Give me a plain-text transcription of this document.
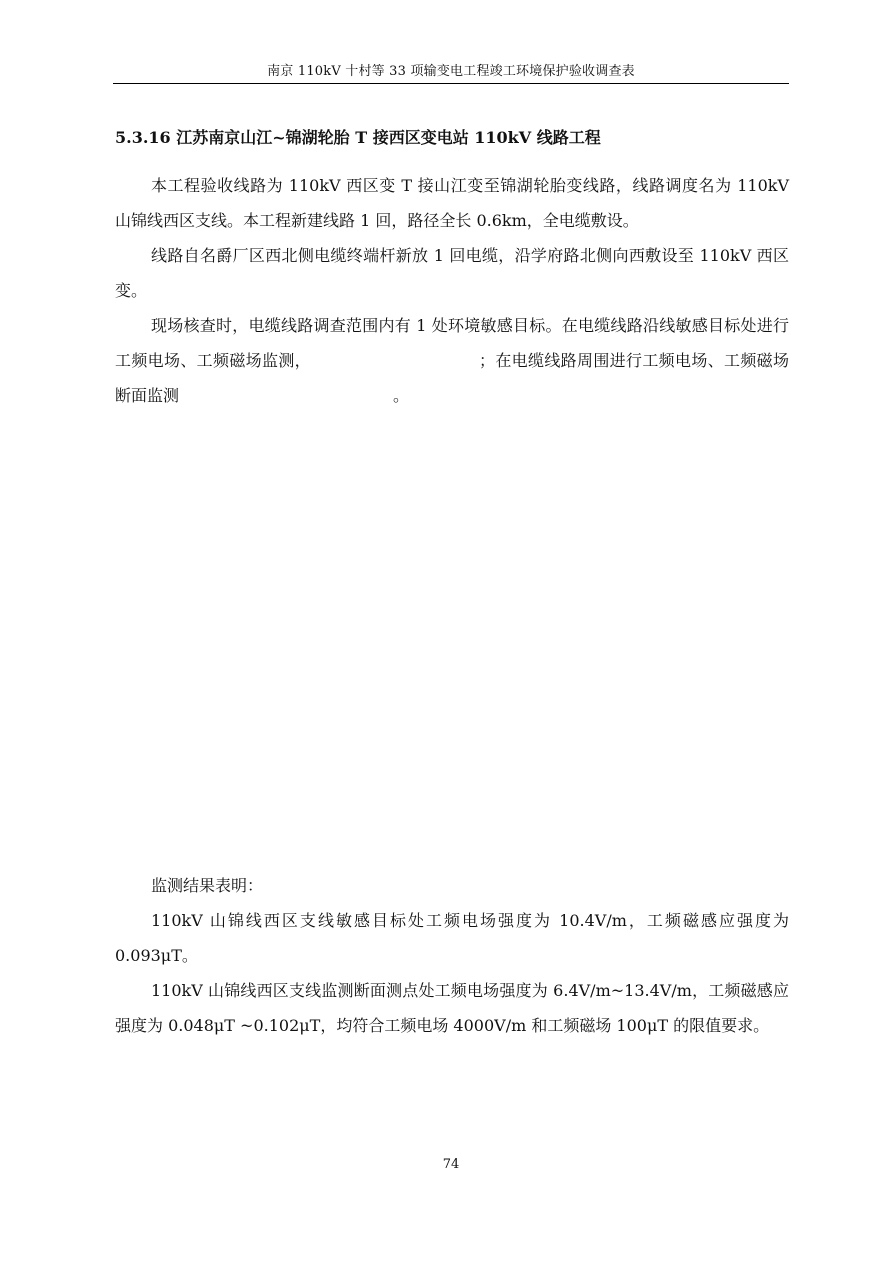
南京 110kV 十村等 33 项输变电工程竣工环境保护验收调查表
5.3.16 江苏南京山江~锦湖轮胎 T 接西区变电站 110kV 线路工程

本工程验收线路为 110kV 西区变 T 接山江变至锦湖轮胎变线路，线路调度名为 110kV 山锦线西区支线。本工程新建线路 1 回，路径全长 0.6km，全电缆敷设。

线路自名爵厂区西北侧电缆终端杆新放 1 回电缆，沿学府路北侧向西敷设至 110kV 西区变。

现场核查时，电缆线路调查范围内有 1 处环境敏感目标。在电缆线路沿线敏感目标处进行工频电场、工频磁场监测，	；在电缆线路周围进行工频电场、工频磁场断面监测	。

监测结果表明：

110kV 山锦线西区支线敏感目标处工频电场强度为 10.4V/m，工频磁感应强度为 0.093μT。

110kV 山锦线西区支线监测断面测点处工频电场强度为 6.4V/m~13.4V/m，工频磁感应强度为 0.048μT ~0.102μT，均符合工频电场 4000V/m 和工频磁场 100μT 的限值要求。

74
